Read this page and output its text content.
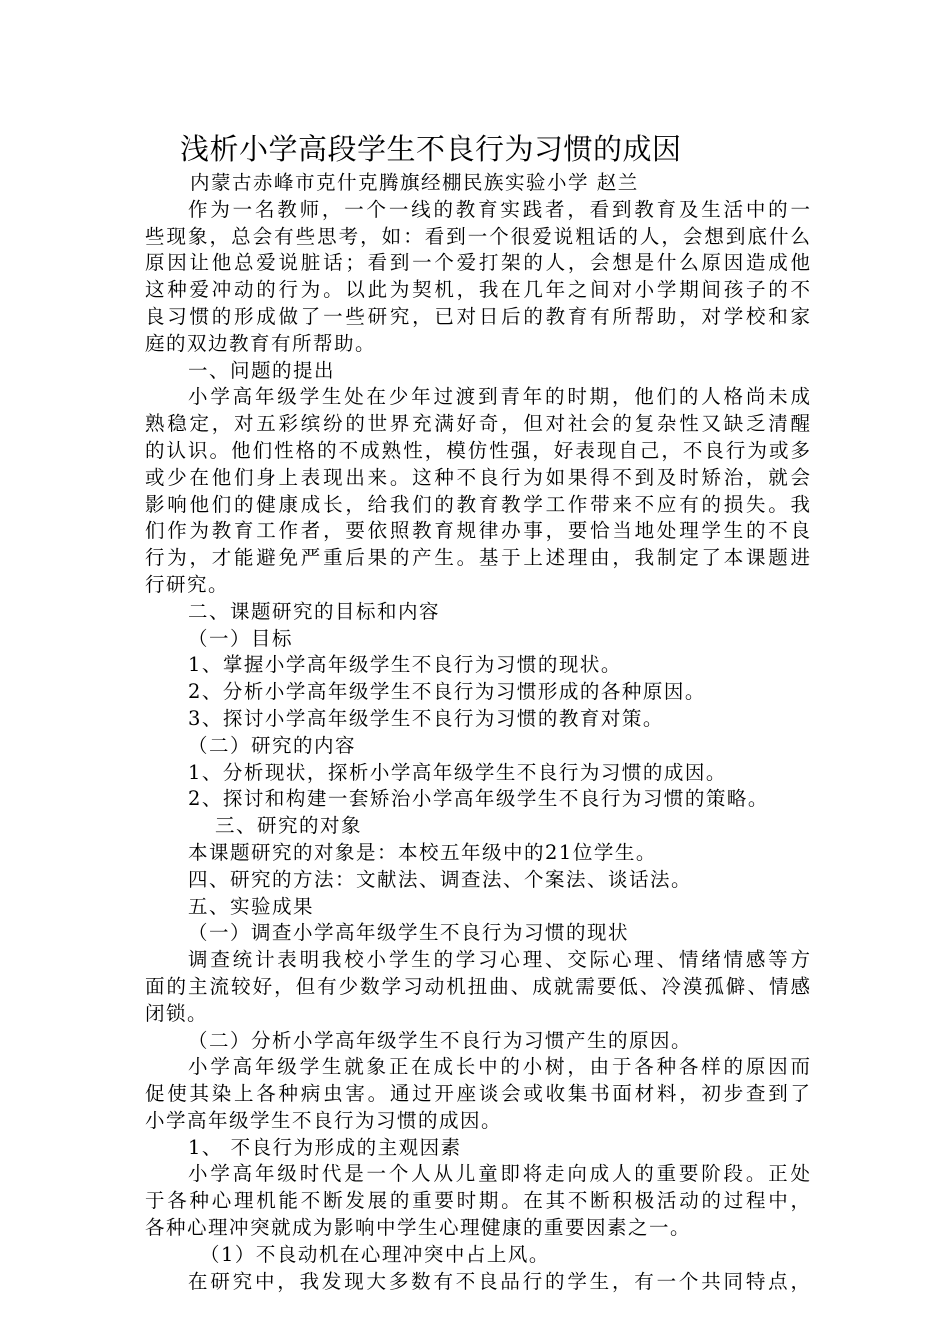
浅析小学高段学生不良行为习惯的成因
内蒙古赤峰市克什克腾旗经棚民族实验小学 赵兰
作为一名教师，一个一线的教育实践者，看到教育及生活中的一
些现象，总会有些思考，如：看到一个很爱说粗话的人，会想到底什么
原因让他总爱说脏话；看到一个爱打架的人，会想是什么原因造成他
这种爱冲动的行为。以此为契机，我在几年之间对小学期间孩子的不
良习惯的形成做了一些研究，已对日后的教育有所帮助，对学校和家
庭的双边教育有所帮助。
一、问题的提出
小学高年级学生处在少年过渡到青年的时期，他们的人格尚未成
熟稳定，对五彩缤纷的世界充满好奇，但对社会的复杂性又缺乏清醒
的认识。他们性格的不成熟性，模仿性强，好表现自己，不良行为或多
或少在他们身上表现出来。这种不良行为如果得不到及时矫治，就会
影响他们的健康成长，给我们的教育教学工作带来不应有的损失。我
们作为教育工作者，要依照教育规律办事，要恰当地处理学生的不良
行为，才能避免严重后果的产生。基于上述理由，我制定了本课题进
行研究。
二、课题研究的目标和内容
（一）目标
1、掌握小学高年级学生不良行为习惯的现状。
2、分析小学高年级学生不良行为习惯形成的各种原因。
3、探讨小学高年级学生不良行为习惯的教育对策。
（二）研究的内容
1、分析现状，探析小学高年级学生不良行为习惯的成因。
2、探讨和构建一套矫治小学高年级学生不良行为习惯的策略。
三、研究的对象
本课题研究的对象是：本校五年级中的21位学生。
四、研究的方法：文献法、调查法、个案法、谈话法。
五、实验成果
（一）调查小学高年级学生不良行为习惯的现状
调查统计表明我校小学生的学习心理、交际心理、情绪情感等方
面的主流较好，但有少数学习动机扭曲、成就需要低、冷漠孤僻、情感
闭锁。
（二）分析小学高年级学生不良行为习惯产生的原因。
小学高年级学生就象正在成长中的小树，由于各种各样的原因而
促使其染上各种病虫害。通过开座谈会或收集书面材料，初步查到了
小学高年级学生不良行为习惯的成因。
1、 不良行为形成的主观因素
小学高年级时代是一个人从儿童即将走向成人的重要阶段。正处
于各种心理机能不断发展的重要时期。在其不断积极活动的过程中，
各种心理冲突就成为影响中学生心理健康的重要因素之一。
（1）不良动机在心理冲突中占上风。
在研究中，我发现大多数有不良品行的学生，有一个共同特点，
